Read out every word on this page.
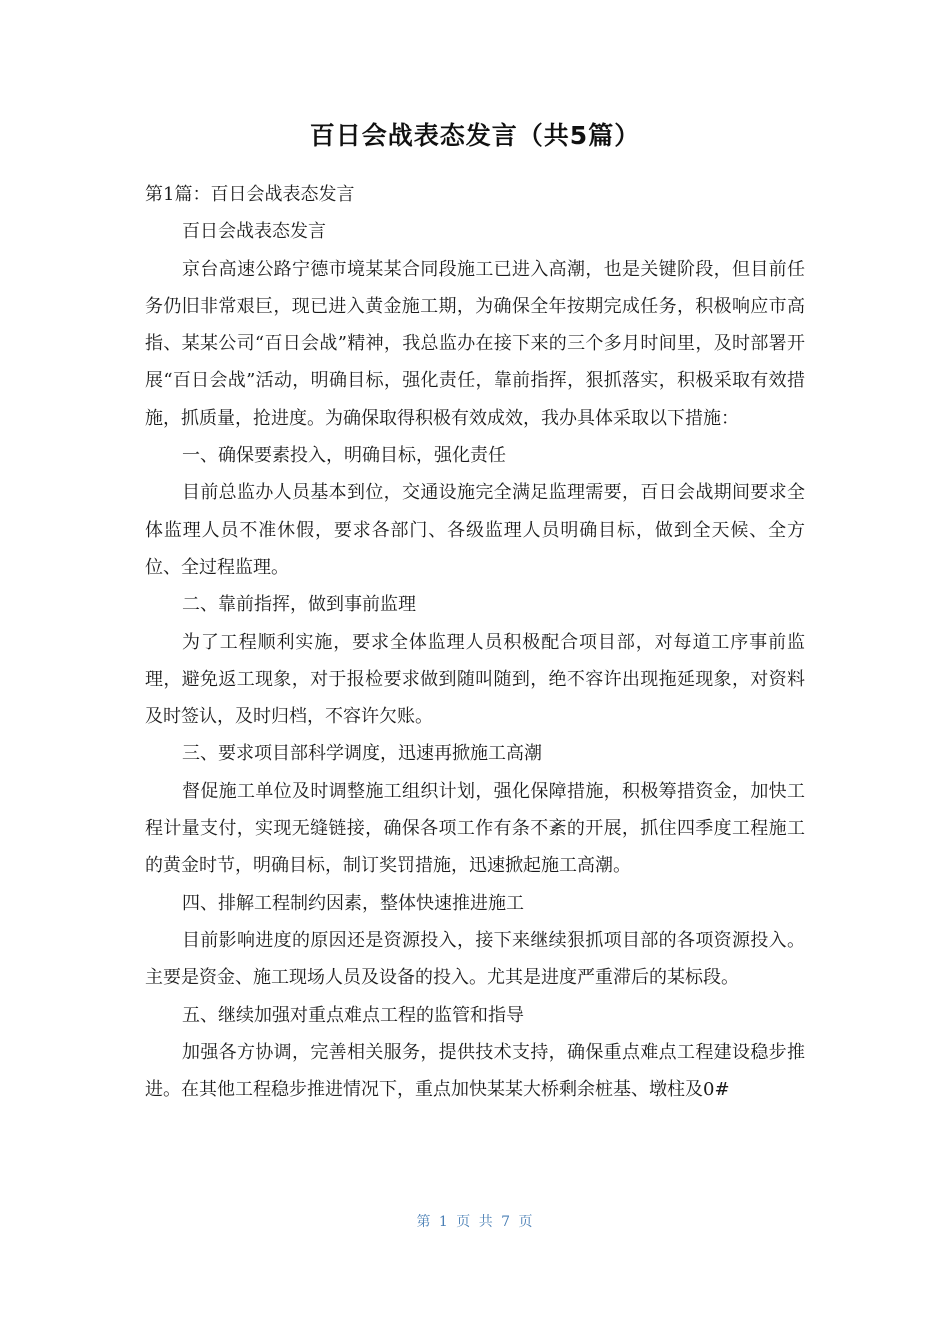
百日会战表态发言（共5篇）

第1篇：百日会战表态发言

百日会战表态发言

京台高速公路宁德市境某某合同段施工已进入高潮，也是关键阶段，但目前任务仍旧非常艰巨，现已进入黄金施工期，为确保全年按期完成任务，积极响应市高指、某某公司“百日会战”精神，我总监办在接下来的三个多月时间里，及时部署开展“百日会战”活动，明确目标，强化责任，靠前指挥，狠抓落实，积极采取有效措施，抓质量，抢进度。为确保取得积极有效成效，我办具体采取以下措施：

一、确保要素投入，明确目标，强化责任

目前总监办人员基本到位，交通设施完全满足监理需要，百日会战期间要求全体监理人员不准休假，要求各部门、各级监理人员明确目标，做到全天候、全方位、全过程监理。

二、靠前指挥，做到事前监理

为了工程顺利实施，要求全体监理人员积极配合项目部，对每道工序事前监理，避免返工现象，对于报检要求做到随叫随到，绝不容许出现拖延现象，对资料及时签认，及时归档，不容许欠账。

三、要求项目部科学调度，迅速再掀施工高潮

督促施工单位及时调整施工组织计划，强化保障措施，积极筹措资金，加快工程计量支付，实现无缝链接，确保各项工作有条不紊的开展，抓住四季度工程施工的黄金时节，明确目标，制订奖罚措施，迅速掀起施工高潮。

四、排解工程制约因素，整体快速推进施工

目前影响进度的原因还是资源投入，接下来继续狠抓项目部的各项资源投入。主要是资金、施工现场人员及设备的投入。尤其是进度严重滞后的某标段。

五、继续加强对重点难点工程的监管和指导

加强各方协调，完善相关服务，提供技术支持，确保重点难点工程建设稳步推进。在其他工程稳步推进情况下，重点加快某某大桥剩余桩基、墩柱及0#

第 1 页 共 7 页
